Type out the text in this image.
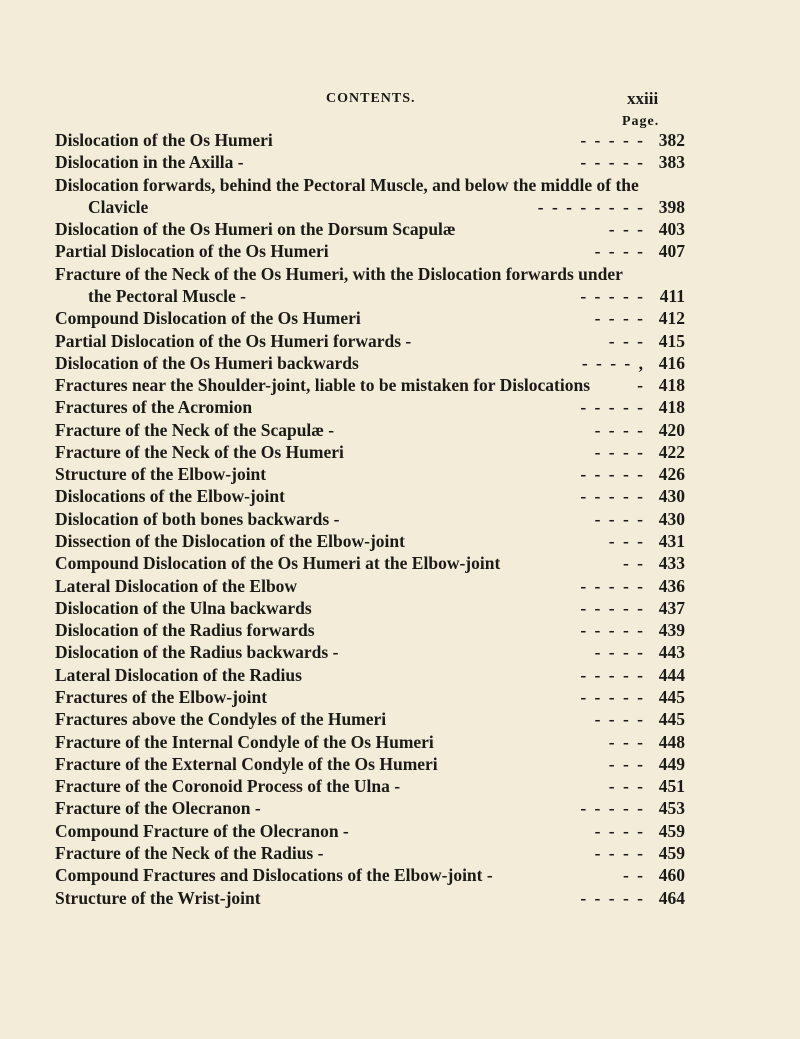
CONTENTS.	xxiii
Page.
Dislocation of the Os Humeri	- - - - - 382
Dislocation in the Axilla -	- - - - - 383
Dislocation forwards, behind the Pectoral Muscle, and below the middle of the
Clavicle	- - - - - - - - 398
Dislocation of the Os Humeri on the Dorsum Scapulæ	- - - 403
Partial Dislocation of the Os Humeri	- - - - 407
Fracture of the Neck of the Os Humeri, with the Dislocation forwards under
the Pectoral Muscle -	- - - - - 411
Compound Dislocation of the Os Humeri	- - - - 412
Partial Dislocation of the Os Humeri forwards -	- - - 415
Dislocation of the Os Humeri backwards	- - - - , 416
Fractures near the Shoulder-joint, liable to be mistaken for Dislocations	- 418
Fractures of the Acromion	- - - - - 418
Fracture of the Neck of the Scapulæ -	- - - - 420
Fracture of the Neck of the Os Humeri	- - - - 422
Structure of the Elbow-joint	- - - - - 426
Dislocations of the Elbow-joint	- - - - - 430
Dislocation of both bones backwards -	- - - - 430
Dissection of the Dislocation of the Elbow-joint	- - - 431
Compound Dislocation of the Os Humeri at the Elbow-joint	- - 433
Lateral Dislocation of the Elbow	- - - - - 436
Dislocation of the Ulna backwards	- - - - - 437
Dislocation of the Radius forwards	- - - - - 439
Dislocation of the Radius backwards -	- - - - 443
Lateral Dislocation of the Radius	- - - - - 444
Fractures of the Elbow-joint	- - - - - 445
Fractures above the Condyles of the Humeri	- - - - 445
Fracture of the Internal Condyle of the Os Humeri	- - - 448
Fracture of the External Condyle of the Os Humeri	- - - 449
Fracture of the Coronoid Process of the Ulna -	- - - 451
Fracture of the Olecranon -	- - - - - 453
Compound Fracture of the Olecranon -	- - - - 459
Fracture of the Neck of the Radius -	- - - - 459
Compound Fractures and Dislocations of the Elbow-joint -	- - 460
Structure of the Wrist-joint	- - - - - 464
